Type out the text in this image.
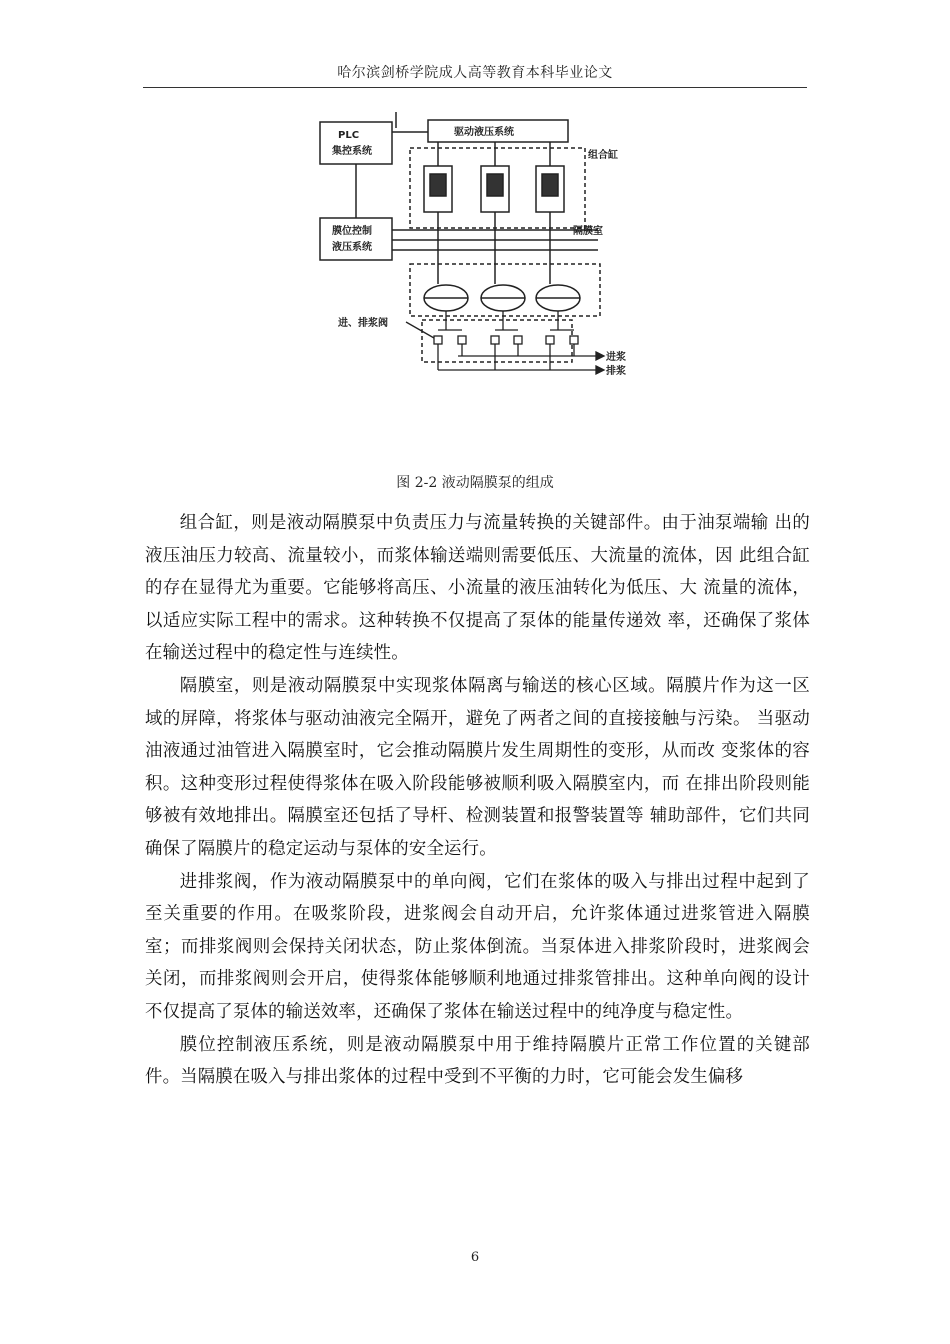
哈尔滨剑桥学院成人高等教育本科毕业论文
PLC
集控系统
驱动液压系统
组合缸
膜位控制
液压系统
隔膜室
进、排浆阀
进浆
排浆
图 2-2 液动隔膜泵的组成

组合缸，则是液动隔膜泵中负责压力与流量转换的关键部件。由于油泵端输 出的液压油压力较高、流量较小，而浆体输送端则需要低压、大流量的流体，因 此组合缸的存在显得尤为重要。它能够将高压、小流量的液压油转化为低压、大 流量的流体，以适应实际工程中的需求。这种转换不仅提高了泵体的能量传递效 率，还确保了浆体在输送过程中的稳定性与连续性。

隔膜室，则是液动隔膜泵中实现浆体隔离与输送的核心区域。隔膜片作为这一区域的屏障，将浆体与驱动油液完全隔开，避免了两者之间的直接接触与污染。 当驱动油液通过油管进入隔膜室时，它会推动隔膜片发生周期性的变形，从而改 变浆体的容积。这种变形过程使得浆体在吸入阶段能够被顺利吸入隔膜室内，而 在排出阶段则能够被有效地排出。隔膜室还包括了导杆、检测装置和报警装置等 辅助部件，它们共同确保了隔膜片的稳定运动与泵体的安全运行。

进排浆阀，作为液动隔膜泵中的单向阀，它们在浆体的吸入与排出过程中起到了至关重要的作用。在吸浆阶段，进浆阀会自动开启，允许浆体通过进浆管进入隔膜室；而排浆阀则会保持关闭状态，防止浆体倒流。当泵体进入排浆阶段时，进浆阀会关闭，而排浆阀则会开启，使得浆体能够顺利地通过排浆管排出。这种单向阀的设计不仅提高了泵体的输送效率，还确保了浆体在输送过程中的纯净度与稳定性。

膜位控制液压系统，则是液动隔膜泵中用于维持隔膜片正常工作位置的关键部件。当隔膜在吸入与排出浆体的过程中受到不平衡的力时，它可能会发生偏移

6
